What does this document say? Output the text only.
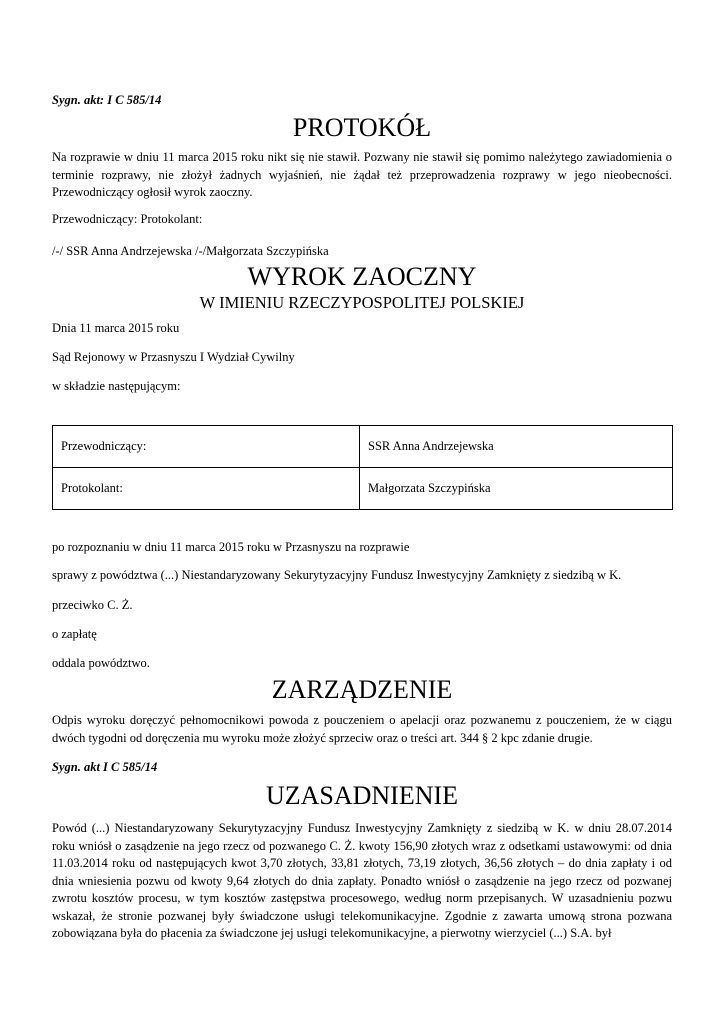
Sygn. akt: I C 585/14
PROTOKÓŁ
Na rozprawie w dniu 11 marca 2015 roku nikt się nie stawił. Pozwany nie stawił się pomimo należytego zawiadomienia o terminie rozprawy, nie złożył żadnych wyjaśnień, nie żądał też przeprowadzenia rozprawy w jego nieobecności. Przewodniczący ogłosił wyrok zaoczny.
Przewodniczący: Protokolant:
/-/ SSR Anna Andrzejewska /-/Małgorzata Szczypińska
WYROK ZAOCZNY
W IMIENIU RZECZYPOSPOLITEJ POLSKIEJ
Dnia 11 marca 2015 roku
Sąd Rejonowy w Przasnyszu I Wydział Cywilny
w składzie następującym:
Przewodniczący:	SSR Anna Andrzejewska
Protokolant:	Małgorzata Szczypińska
po rozpoznaniu w dniu 11 marca 2015 roku w Przasnyszu na rozprawie
sprawy z powództwa (...) Niestandaryzowany Sekurytyzacyjny Fundusz Inwestycyjny Zamknięty z siedzibą w K.
przeciwko C. Ż.
o zapłatę
oddala powództwo.
ZARZĄDZENIE
Odpis wyroku doręczyć pełnomocnikowi powoda z pouczeniem o apelacji oraz pozwanemu z pouczeniem, że w ciągu dwóch tygodni od doręczenia mu wyroku może złożyć sprzeciw oraz o treści art. 344 § 2 kpc zdanie drugie.
Sygn. akt I C 585/14
UZASADNIENIE
Powód (...) Niestandaryzowany Sekurytyzacyjny Fundusz Inwestycyjny Zamknięty z siedzibą w K. w dniu 28.07.2014 roku wniósł o zasądzenie na jego rzecz od pozwanego C. Ż. kwoty 156,90 złotych wraz z odsetkami ustawowymi: od dnia 11.03.2014 roku od następujących kwot 3,70 złotych, 33,81 złotych, 73,19 złotych, 36,56 złotych – do dnia zapłaty i od dnia wniesienia pozwu od kwoty 9,64 złotych do dnia zapłaty. Ponadto wniósł o zasądzenie na jego rzecz od pozwanej zwrotu kosztów procesu, w tym kosztów zastępstwa procesowego, według norm przepisanych. W uzasadnieniu pozwu wskazał, że stronie pozwanej były świadczone usługi telekomunikacyjne. Zgodnie z zawarta umową strona pozwana zobowiązana była do płacenia za świadczone jej usługi telekomunikacyjne, a pierwotny wierzyciel (...) S.A. był
